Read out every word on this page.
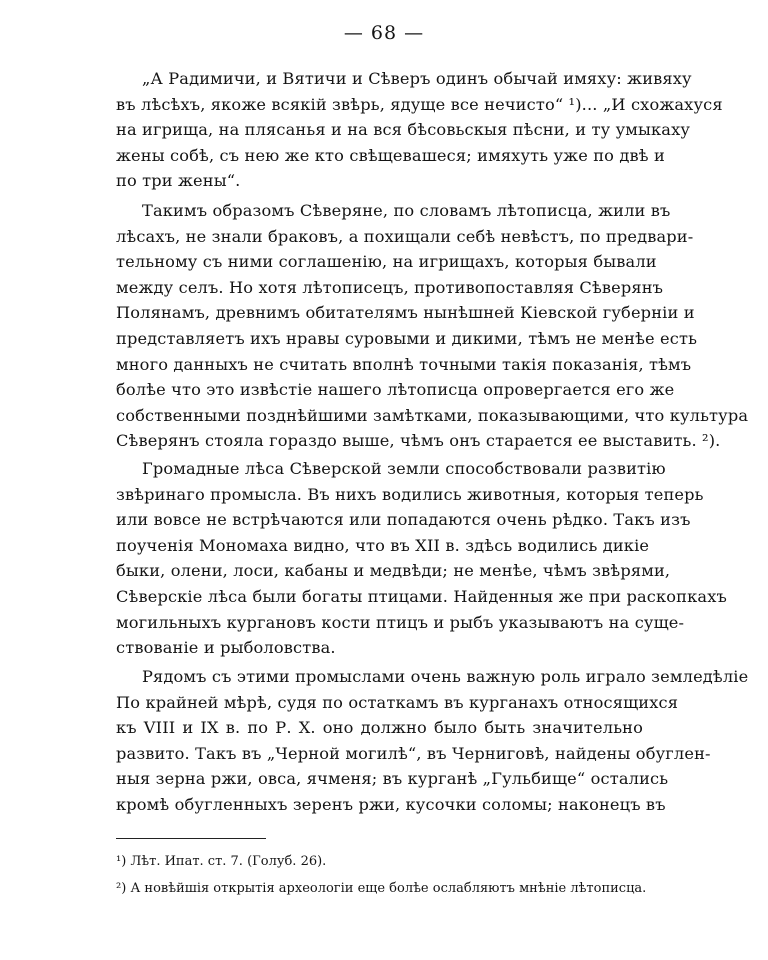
— 68 —
„А Радимичи, и Вятичи и Сѣверъ одинъ обычай имяху: живяху
въ лѣсѣхъ, якоже всякій звѣрь, ядуще все нечисто“ ¹)... „И схожахуся
на игрища, на плясанья и на вся бѣсовьскыя пѣсни, и ту умыкаху
жены собѣ, съ нею же кто свѣщевашеся; имяхуть уже по двѣ и
по три жены“.
Такимъ образомъ Сѣверяне, по словамъ лѣтописца, жили въ
лѣсахъ, не знали браковъ, а похищали себѣ невѣстъ, по предвари-
тельному съ ними соглашенію, на игрищахъ, которыя бывали
между селъ. Но хотя лѣтописецъ, противопоставляя Сѣверянъ
Полянамъ, древнимъ обитателямъ нынѣшней Кіевской губерніи и
представляетъ ихъ нравы суровыми и дикими, тѣмъ не менѣе есть
много данныхъ не считать вполнѣ точными такія показанія, тѣмъ
болѣе что это извѣстіе нашего лѣтописца опровергается его же
собственными позднѣйшими замѣтками, показывающими, что культура
Сѣверянъ стояла гораздо выше, чѣмъ онъ старается ее выставить. ²).
Громадные лѣса Сѣверской земли способствовали развитію
звѣринаго промысла. Въ нихъ водились животныя, которыя теперь
или вовсе не встрѣчаются или попадаются очень рѣдко. Такъ изъ
поученія Мономаха видно, что въ XII в. здѣсь водились дикіе
быки, олени, лоси, кабаны и медвѣди; не менѣе, чѣмъ звѣрями,
Сѣверскіе лѣса были богаты птицами. Найденныя же при раскопкахъ
могильныхъ кургановъ кости птицъ и рыбъ указываютъ на суще-
ствованіе и рыболовства.
Рядомъ съ этими промыслами очень важную роль играло земледѣліе
По крайней мѣрѣ, судя по остаткамъ въ курганахъ относящихся
къ VIII и IX в. по Р. Х. оно должно было быть значительно
развито. Такъ въ „Черной могилѣ“, въ Черниговѣ, найдены обуглен-
ныя зерна ржи, овса, ячменя; въ курганѣ „Гульбище“ остались
кромѣ обугленныхъ зеренъ ржи, кусочки соломы; наконецъ въ
¹) Лѣт. Ипат. ст. 7. (Голуб. 26).
²) А новѣйшія открытія археологіи еще болѣе ослабляютъ мнѣніе лѣтописца.
